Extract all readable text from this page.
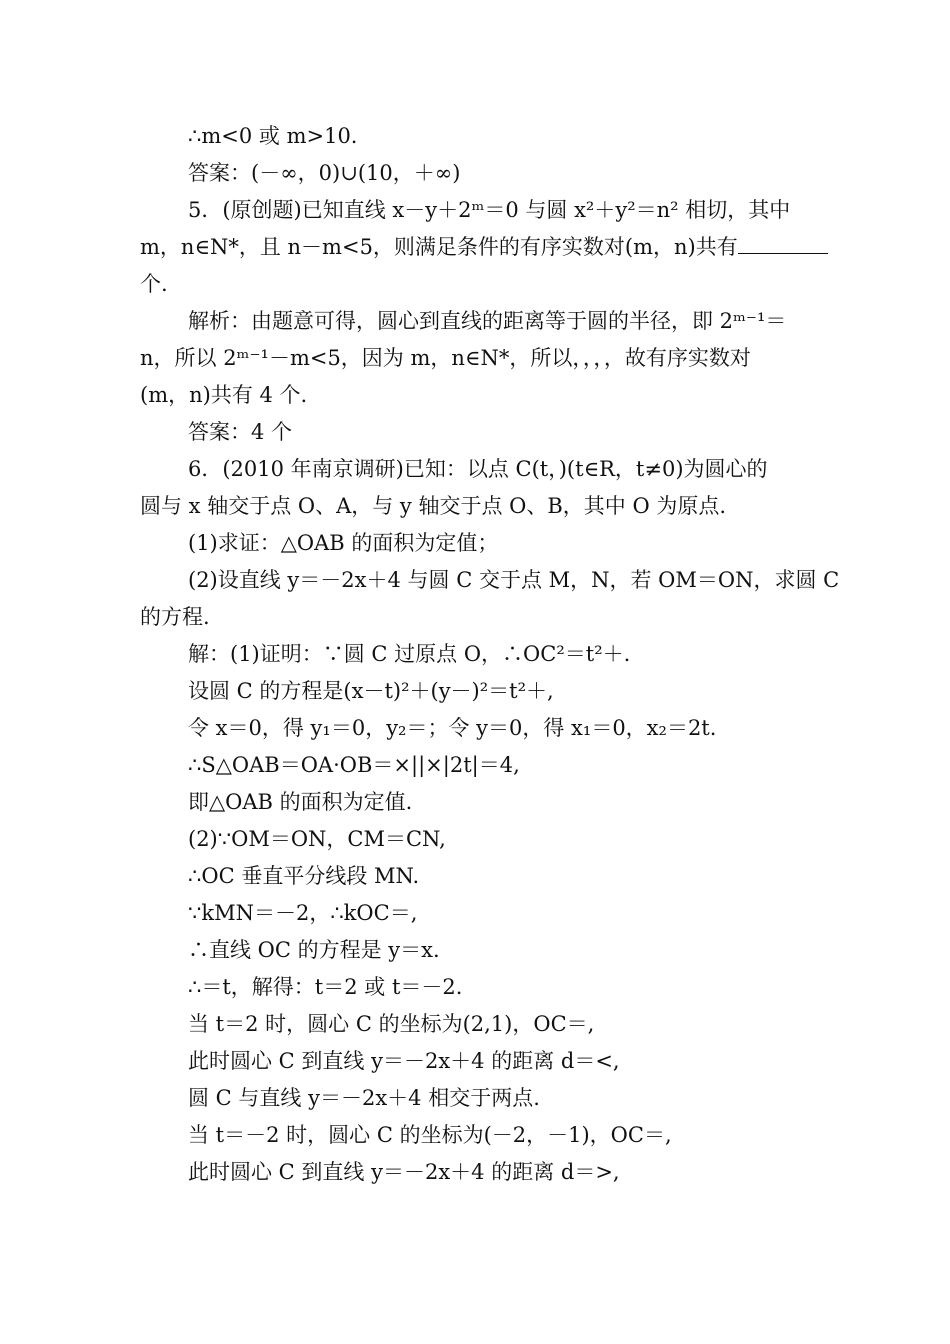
∴m<0 或 m>10.
答案：(－∞，0)∪(10，＋∞)
5．(原创题)已知直线 x－y＋2ᵐ＝0 与圆 x²＋y²＝n² 相切，其中
m，n∈N*，且 n－m<5，则满足条件的有序实数对(m，n)共有
个.
解析：由题意可得，圆心到直线的距离等于圆的半径，即 2ᵐ⁻¹＝
n，所以 2ᵐ⁻¹－m<5，因为 m，n∈N*，所以，，，，故有序实数对
(m，n)共有 4 个.
答案：4 个
6．(2010 年南京调研)已知：以点 C(t，)(t∈R，t≠0)为圆心的
圆与 x 轴交于点 O、A，与 y 轴交于点 O、B，其中 O 为原点.
(1)求证：△OAB 的面积为定值；
(2)设直线 y＝－2x＋4 与圆 C 交于点 M，N，若 OM＝ON，求圆 C
的方程.
解：(1)证明：∵圆 C 过原点 O，∴OC²＝t²＋.
设圆 C 的方程是(x－t)²＋(y－)²＝t²＋,
令 x＝0，得 y₁＝0，y₂＝；令 y＝0，得 x₁＝0，x₂＝2t.
∴S△OAB＝OA·OB＝×||×|2t|＝4,
即△OAB 的面积为定值.
(2)∵OM＝ON，CM＝CN,
∴OC 垂直平分线段 MN.
∵kMN＝－2，∴kOC＝,
∴直线 OC 的方程是 y＝x.
∴＝t，解得：t＝2 或 t＝－2.
当 t＝2 时，圆心 C 的坐标为(2,1)，OC＝,
此时圆心 C 到直线 y＝－2x＋4 的距离 d＝<,
圆 C 与直线 y＝－2x＋4 相交于两点.
当 t＝－2 时，圆心 C 的坐标为(－2，－1)，OC＝,
此时圆心 C 到直线 y＝－2x＋4 的距离 d＝>,
